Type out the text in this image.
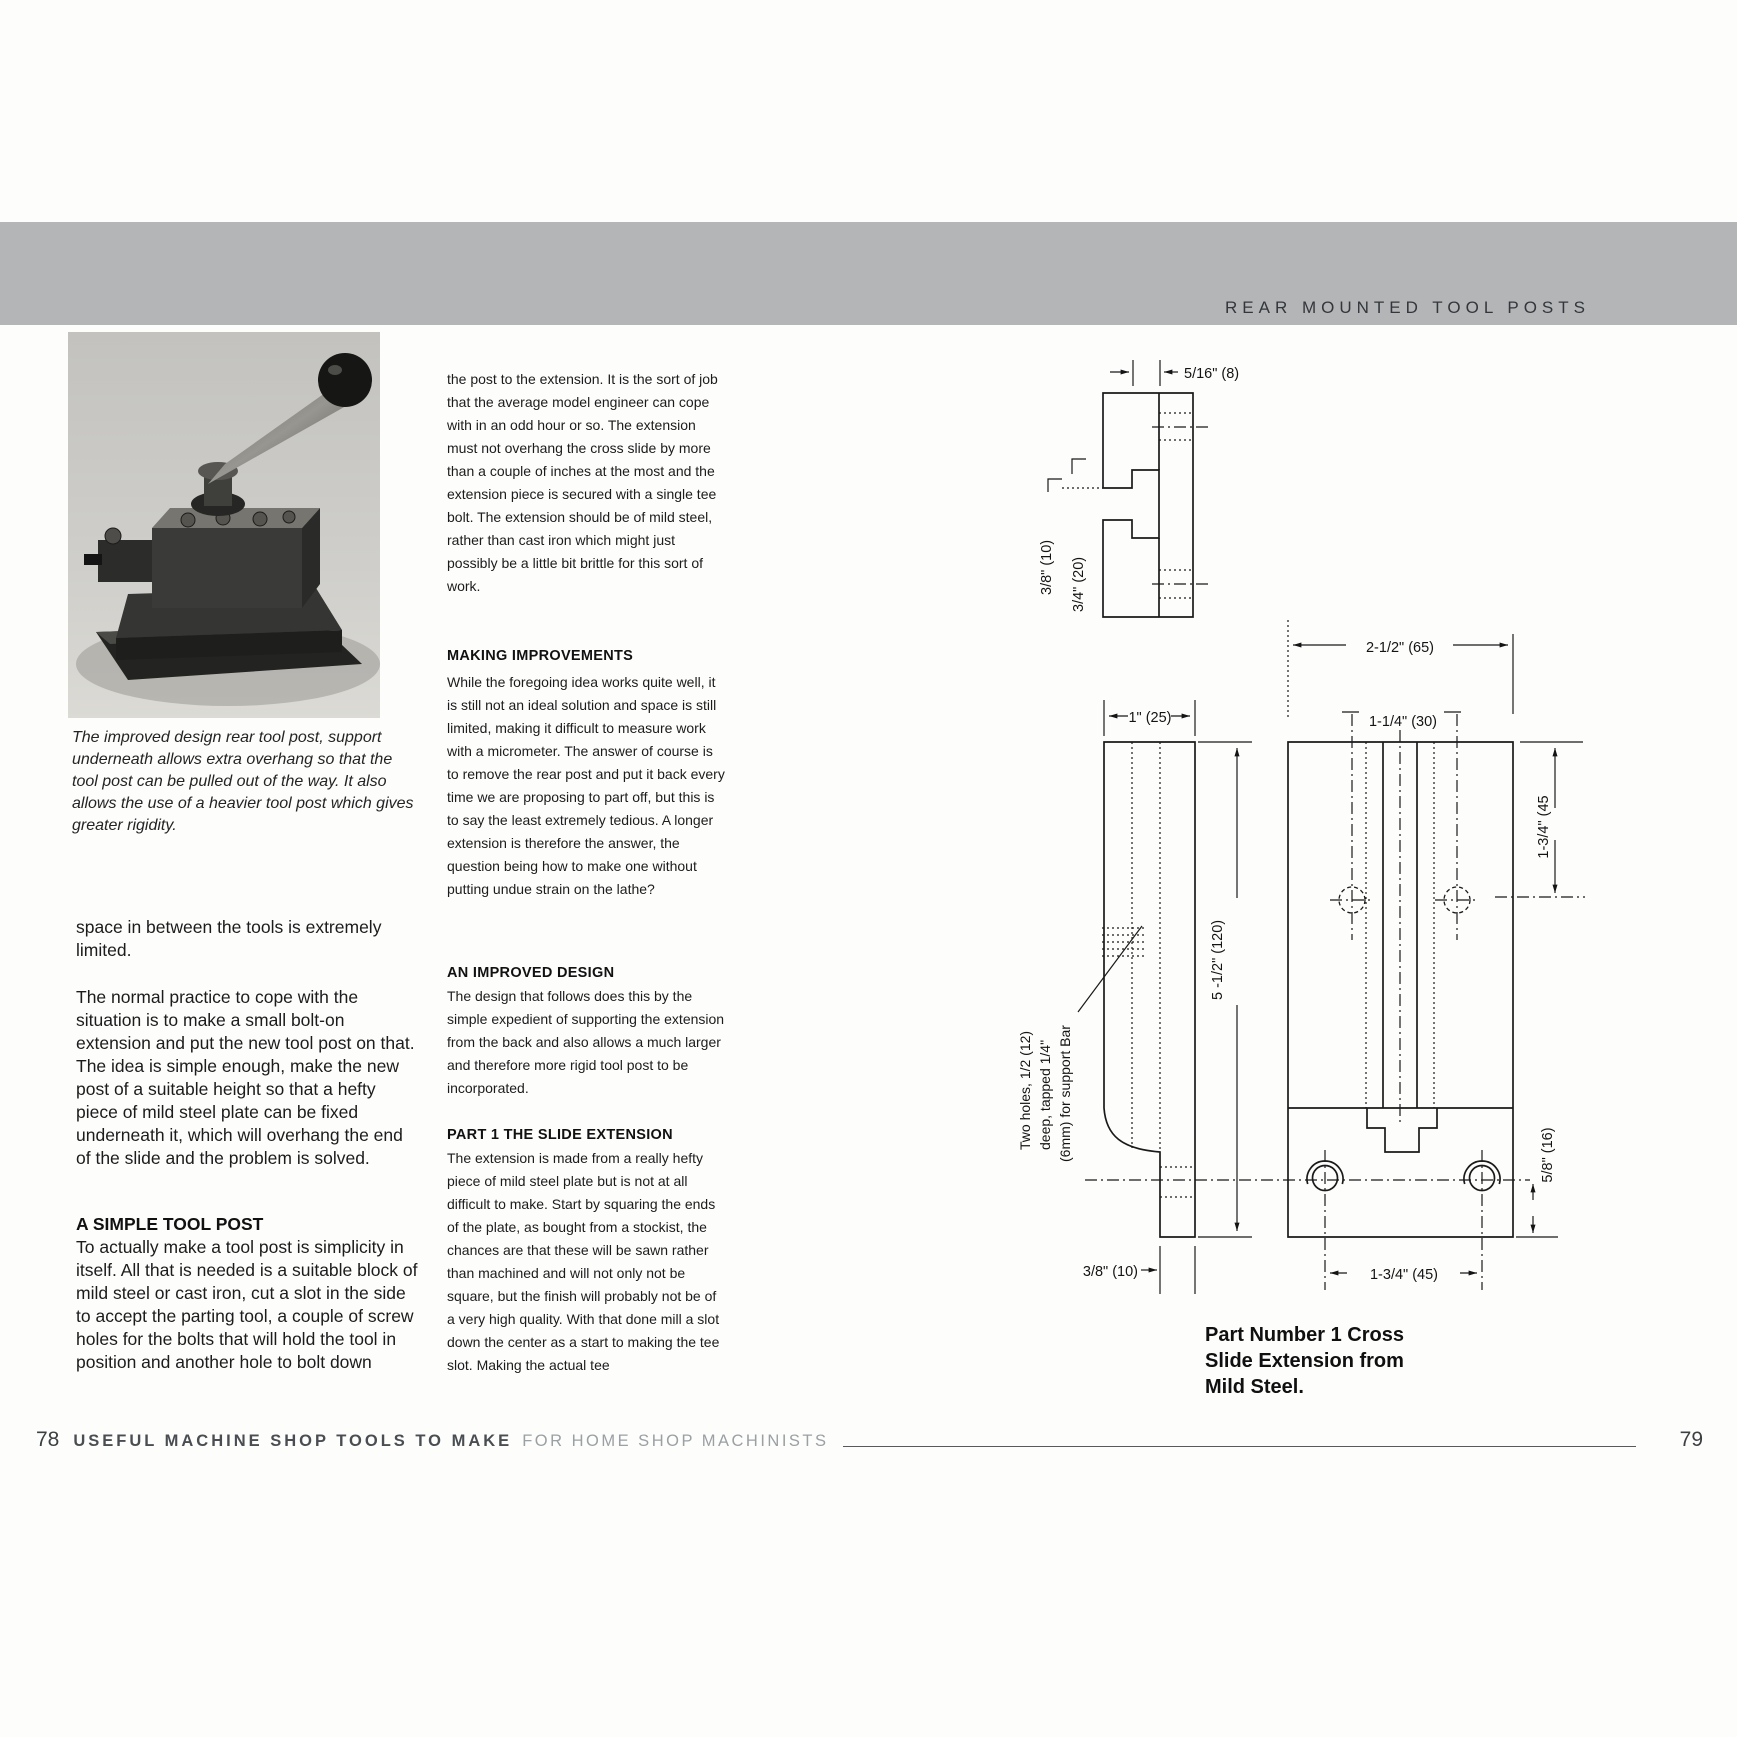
REAR MOUNTED TOOL POSTS
The improved design rear tool post, support underneath allows extra overhang so that the tool post can be pulled out of the way. It also allows the use of a heavier tool post which gives greater rigidity.
space in between the tools is extremely limited.
The normal practice to cope with the situation is to make a small bolt-on extension and put the new tool post on that. The idea is simple enough, make the new post of a suitable height so that a hefty piece of mild steel plate can be fixed underneath it, which will overhang the end of the slide and the problem is solved.
A SIMPLE TOOL POST
To actually make a tool post is simplicity in itself. All that is needed is a suitable block of mild steel or cast iron, cut a slot in the side to accept the parting tool, a couple of screw holes for the bolts that will hold the tool in position and another hole to bolt down
the post to the extension. It is the sort of job that the average model engineer can cope with in an odd hour or so. The extension must not overhang the cross slide by more than a couple of inches at the most and the extension piece is secured with a single tee bolt. The extension should be of mild steel, rather than cast iron which might just possibly be a little bit brittle for this sort of work.
MAKING IMPROVEMENTS
While the foregoing idea works quite well, it is still not an ideal solution and space is still limited, making it difficult to measure work with a micrometer. The answer of course is to remove the rear post and put it back every time we are proposing to part off, but this is to say the least extremely tedious. A longer extension is therefore the answer, the question being how to make one without putting undue strain on the lathe?
AN IMPROVED DESIGN
The design that follows does this by the simple expedient of supporting the extension from the back and also allows a much larger and therefore more rigid tool post to be incorporated.
PART 1 THE SLIDE EXTENSION
The extension is made from a really hefty piece of mild steel plate but is not at all difficult to make. Start by squaring the ends of the plate, as bought from a stockist, the chances are that these will be sawn rather than machined and will not only not be square, but the finish will probably not be of a very high quality. With that done mill a slot down the center as a start to making the tee slot. Making the actual tee
5/16" (8)
3/8" (10) 3/4" (20)
Two holes, 1/2 (12) deep, tapped 1/4" (6mm) for support Bar
1" (25)
5 -1/2" (120)
3/8" (10)
2-1/2" (65)
1-1/4" (30)
1-3/4" (45
5/8" (16)
1-3/4" (45)
Part Number 1 Cross Slide Extension from Mild Steel.
78 USEFUL MACHINE SHOP TOOLS TO MAKE FOR HOME SHOP MACHINISTS	79
